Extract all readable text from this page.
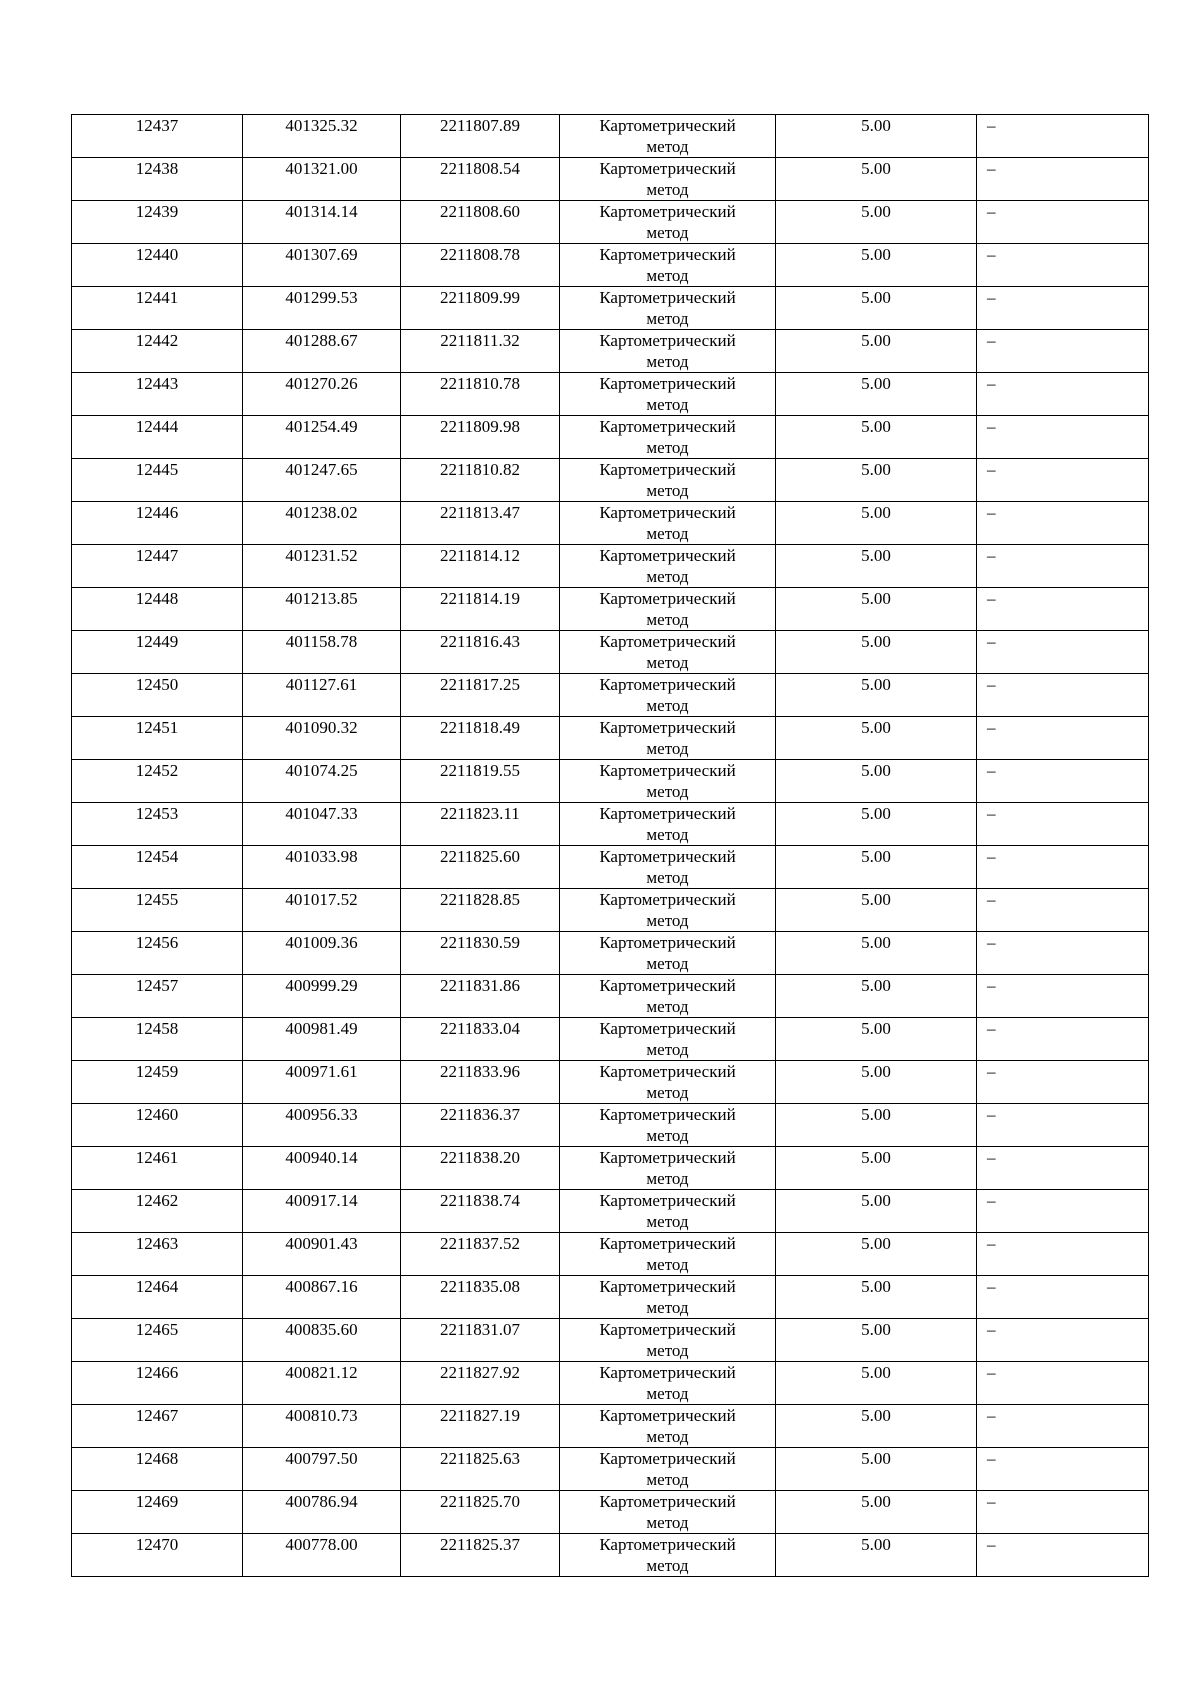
12437	401325.32	2211807.89	Картометрический метод	5.00	–

12438	401321.00	2211808.54	Картометрический метод	5.00	–

12439	401314.14	2211808.60	Картометрический метод	5.00	–

12440	401307.69	2211808.78	Картометрический метод	5.00	–

12441	401299.53	2211809.99	Картометрический метод	5.00	–

12442	401288.67	2211811.32	Картометрический метод	5.00	–

12443	401270.26	2211810.78	Картометрический метод	5.00	–

12444	401254.49	2211809.98	Картометрический метод	5.00	–

12445	401247.65	2211810.82	Картометрический метод	5.00	–

12446	401238.02	2211813.47	Картометрический метод	5.00	–

12447	401231.52	2211814.12	Картометрический метод	5.00	–

12448	401213.85	2211814.19	Картометрический метод	5.00	–

12449	401158.78	2211816.43	Картометрический метод	5.00	–

12450	401127.61	2211817.25	Картометрический метод	5.00	–

12451	401090.32	2211818.49	Картометрический метод	5.00	–

12452	401074.25	2211819.55	Картометрический метод	5.00	–

12453	401047.33	2211823.11	Картометрический метод	5.00	–

12454	401033.98	2211825.60	Картометрический метод	5.00	–

12455	401017.52	2211828.85	Картометрический метод	5.00	–

12456	401009.36	2211830.59	Картометрический метод	5.00	–

12457	400999.29	2211831.86	Картометрический метод	5.00	–

12458	400981.49	2211833.04	Картометрический метод	5.00	–

12459	400971.61	2211833.96	Картометрический метод	5.00	–

12460	400956.33	2211836.37	Картометрический метод	5.00	–

12461	400940.14	2211838.20	Картометрический метод	5.00	–

12462	400917.14	2211838.74	Картометрический метод	5.00	–

12463	400901.43	2211837.52	Картометрический метод	5.00	–

12464	400867.16	2211835.08	Картометрический метод	5.00	–

12465	400835.60	2211831.07	Картометрический метод	5.00	–

12466	400821.12	2211827.92	Картометрический метод	5.00	–

12467	400810.73	2211827.19	Картометрический метод	5.00	–

12468	400797.50	2211825.63	Картометрический метод	5.00	–

12469	400786.94	2211825.70	Картометрический метод	5.00	–

12470	400778.00	2211825.37	Картометрический метод	5.00	–
